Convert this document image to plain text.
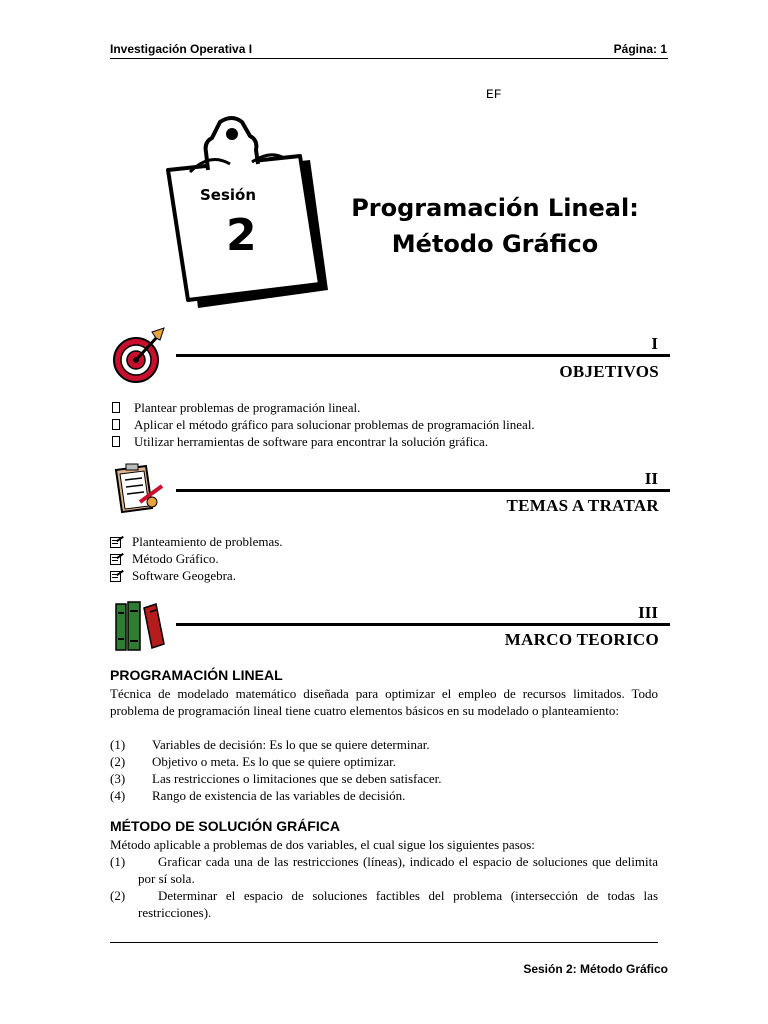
Investigación Operativa I	Página: 1
EF
Sesión
2
Programación Lineal:
Método Gráfico
I
OBJETIVOS
Plantear problemas de programación lineal.
Aplicar el método gráfico para solucionar problemas de programación lineal.
Utilizar herramientas de software para encontrar la solución gráfica.
II
TEMAS A TRATAR
Planteamiento de problemas.
Método Gráfico.
Software Geogebra.
III
MARCO TEORICO
PROGRAMACIÓN LINEAL
Técnica de modelado matemático diseñada para optimizar el empleo de recursos limitados. Todo problema de programación lineal tiene cuatro elementos básicos en su modelado o planteamiento:
(1)	Variables de decisión: Es lo que se quiere determinar.
(2)	Objetivo o meta. Es lo que se quiere optimizar.
(3)	Las restricciones o limitaciones que se deben satisfacer.
(4)	Rango de existencia de las variables de decisión.
MÉTODO DE SOLUCIÓN GRÁFICA
Método aplicable a problemas de dos variables, el cual sigue los siguientes pasos:
(1)	Graficar cada una de las restricciones (líneas), indicado el espacio de soluciones que delimita por sí sola.
(2)	Determinar el espacio de soluciones factibles del problema (intersección de todas las restricciones).
Sesión 2: Método Gráfico
